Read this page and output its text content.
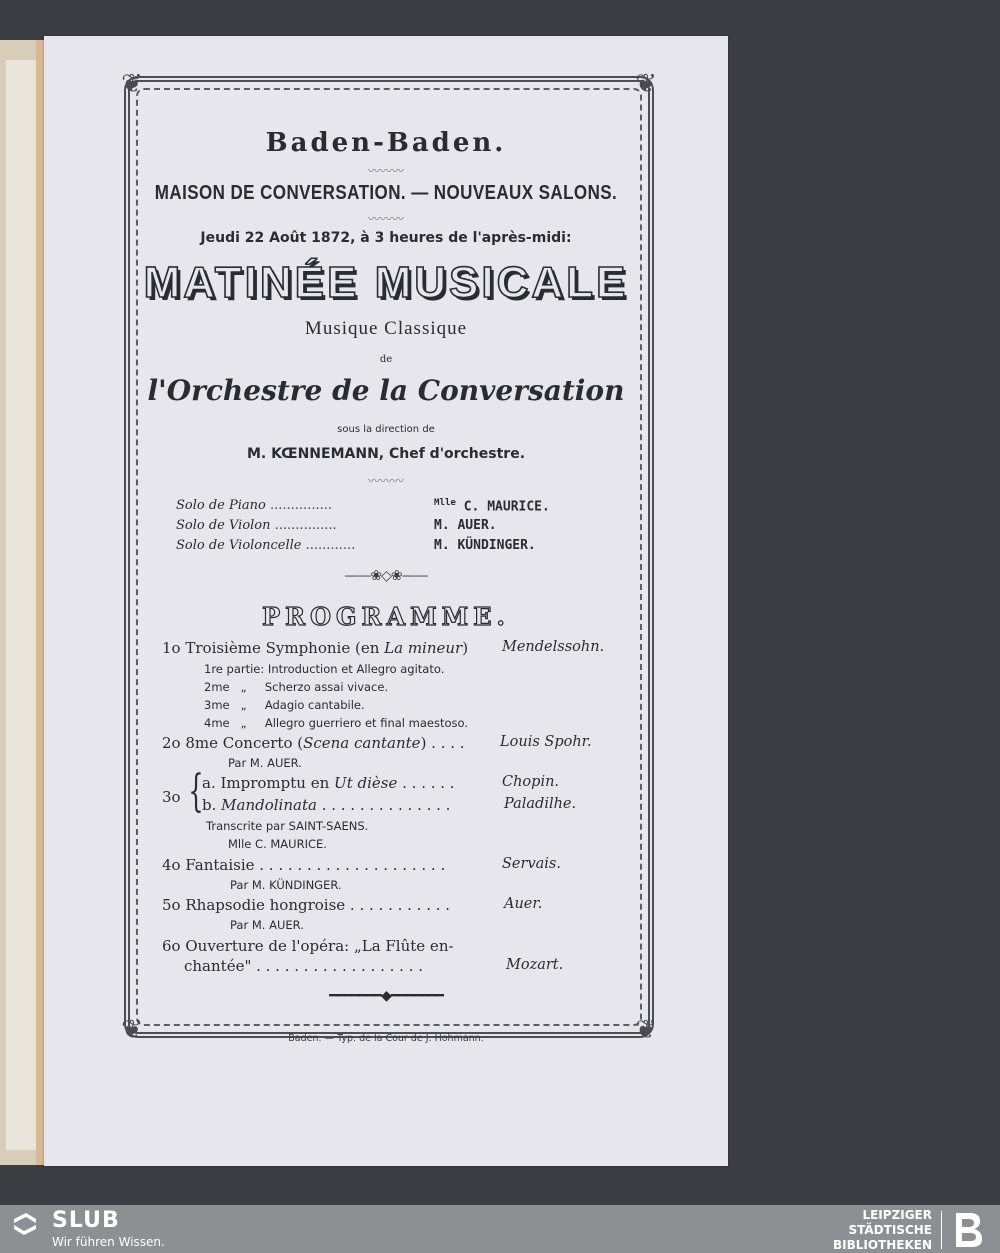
❦	❦
❦	❦
Baden-Baden.
〰〰〰
MAISON DE CONVERSATION. — NOUVEAUX SALONS.
〰〰〰
Jeudi 22 Août 1872, à 3 heures de l'après-midi:
MATINÉE MUSICALE
Musique Classique
de
l'Orchestre de la Conversation
sous la direction de
M. KŒNNEMANN, Chef d'orchestre.
〰〰〰
Solo de Piano ...............	$^{Mlle}$ C. MAURICE.
Solo de Violon ...............	M. AUER.
Solo de Violoncelle ............	M. KÜNDINGER.
——❀◇❀——
PROGRAMME.
1o Troisième Symphonie (en La mineur) Mendelssohn.
1re partie: Introduction et Allegro agitato.
2me „ Scherzo assai vivace.
3me „ Adagio cantabile.
4me „ Allegro guerriero et final maestoso.
2o 8me Concerto (Scena cantante) . . . . Louis Spohr.
Par M. AUER.
3o {
a. Impromptu en Ut dièse . . . . . .	Chopin.
b. Mandolinata . . . . . . . . . . . . . .	Paladilhe.
Transcrite par SAINT-SAENS.
Mlle C. MAURICE.
4o Fantaisie . . . . . . . . . . . . . . . . . . . .	Servais.
Par M. KÜNDINGER.
5o Rhapsodie hongroise . . . . . . . . . . .	Auer.
Par M. AUER.
6o Ouverture de l'opéra: „La Flûte en-
chantée" . . . . . . . . . . . . . . . . . .	Mozart.
━━━━━━━◆━━━━━━━
Baden. — Typ. de la Cour de J. Hohmann.
SLUB
Wir führen Wissen.
LEIPZIGER
STÄDTISCHE
BIBLIOTHEKEN
